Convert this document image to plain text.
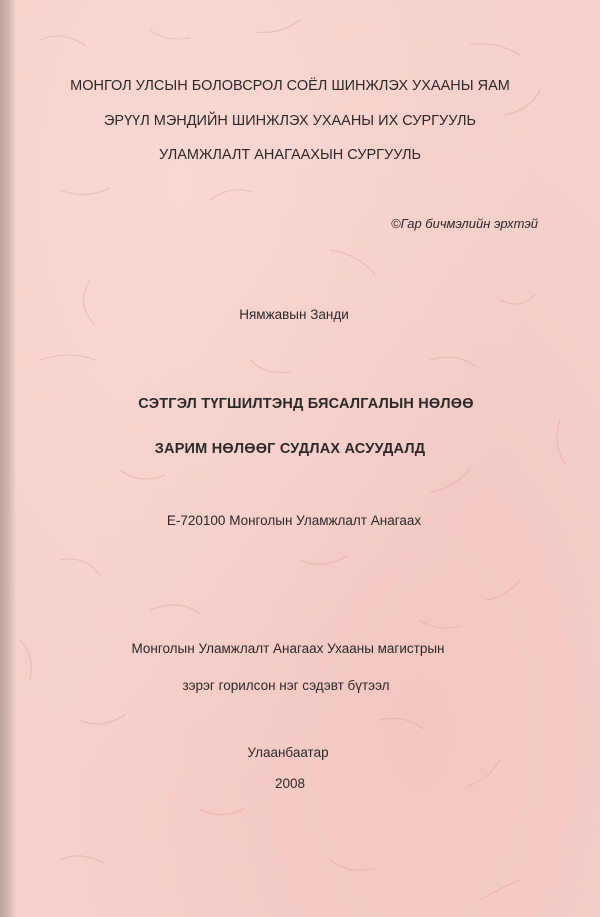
МОНГОЛ УЛСЫН БОЛОВСРОЛ СОЁЛ ШИНЖЛЭХ УХААНЫ ЯАМ
ЭРҮҮЛ МЭНДИЙН ШИНЖЛЭХ УХААНЫ ИХ СУРГУУЛЬ
УЛАМЖЛАЛТ АНАГААХЫН СУРГУУЛЬ
©Гар бичмэлийн эрхтэй
Нямжавын Занди
СЭТГЭЛ ТҮГШИЛТЭНД БЯСАЛГАЛЫН НӨЛӨӨ
ЗАРИМ НӨЛӨӨГ СУДЛАХ АСУУДАЛД
Е-720100 Монголын Уламжлалт Анагаах
Монголын Уламжлалт Анагаах Ухааны магистрын
зэрэг горилсон нэг сэдэвт бүтээл
Улаанбаатар
2008
